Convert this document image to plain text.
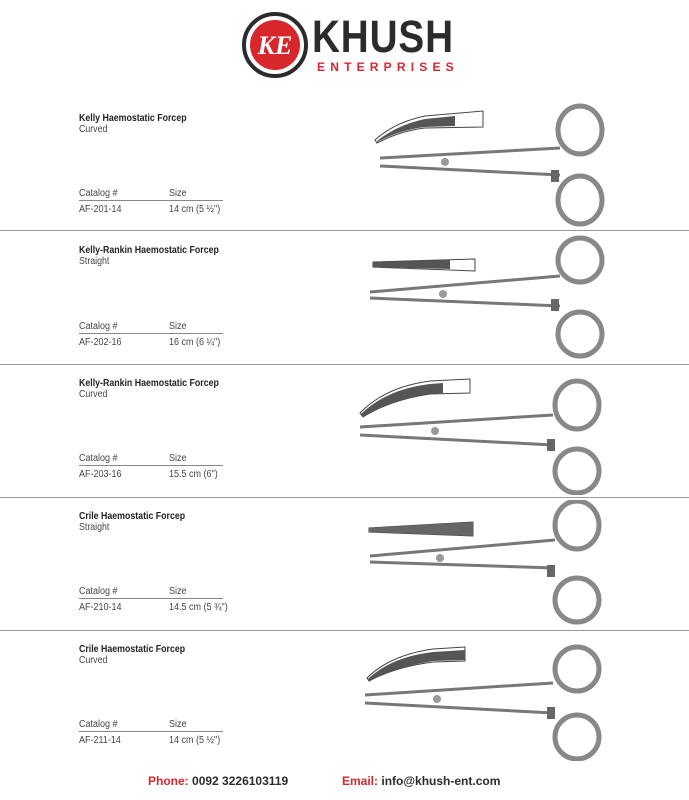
KE KHUSH
ENTERPRISES
Kelly Haemostatic Forcep
Curved
Catalog #	Size
AF-201-14	14 cm (5 ½")
Kelly-Rankin Haemostatic Forcep
Straight
Catalog #	Size
AF-202-16	16 cm (6 ¼")
Kelly-Rankin Haemostatic Forcep
Curved
Catalog #	Size
AF-203-16	15.5 cm (6")
Crile Haemostatic Forcep
Straight
Catalog #	Size
AF-210-14	14.5 cm (5 ¾")
Crile Haemostatic Forcep
Curved
Catalog #	Size
AF-211-14	14 cm (5 ½")
Phone: 0092 3226103119	Email: info@khush-ent.com
